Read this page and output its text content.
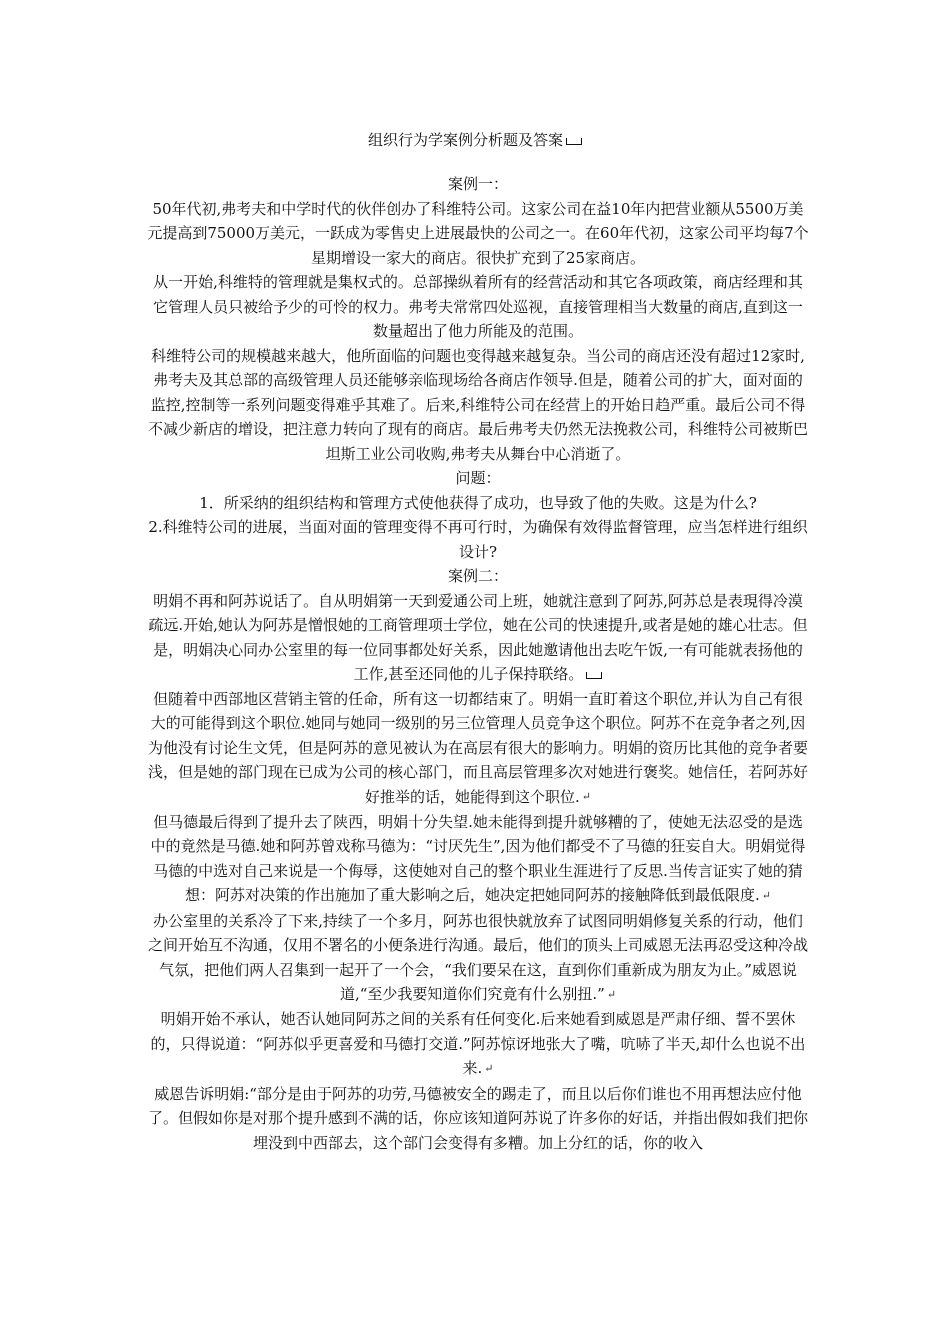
组织行为学案例分析题及答案

案例一：

50年代初,弗考夫和中学时代的伙伴创办了科维特公司。这家公司在益10年内把营业额从5500万美元提高到75000万美元，一跃成为零售史上进展最快的公司之一。在60年代初，这家公司平均每7个星期增设一家大的商店。很快扩充到了25家商店。

从一开始,科维特的管理就是集权式的。总部操纵着所有的经营活动和其它各项政策，商店经理和其它管理人员只被给予少的可怜的权力。弗考夫常常四处巡视，直接管理相当大数量的商店,直到这一数量超出了他力所能及的范围。

科维特公司的规模越来越大，他所面临的问题也变得越来越复杂。当公司的商店还没有超过12家时,弗考夫及其总部的高级管理人员还能够亲临现场给各商店作领导.但是，随着公司的扩大，面对面的监控,控制等一系列问题变得难乎其难了。后来,科维特公司在经营上的开始日趋严重。最后公司不得不减少新店的增设，把注意力转向了现有的商店。最后弗考夫仍然无法挽救公司，科维特公司被斯巴坦斯工业公司收购,弗考夫从舞台中心消逝了。

问题：

1．所采纳的组织结构和管理方式使他获得了成功，也导致了他的失败。这是为什么?

2.科维特公司的进展，当面对面的管理变得不再可行时，为确保有效得监督管理，应当怎样进行组织设计?

案例二：

明娟不再和阿苏说话了。自从明娟第一天到爱通公司上班，她就注意到了阿苏,阿苏总是表現得冷漠疏远.开始,她认为阿苏是憎恨她的工商管理项士学位，她在公司的快速提升,或者是她的雄心壮志。但是，明娟决心同办公室里的每一位同事都处好关系，因此她邀请他出去吃午饭,一有可能就表扬他的工作,甚至还同他的儿子保持联络。

但随着中西部地区营销主管的任命，所有这一切都结束了。明娟一直盯着这个职位,并认为自己有很大的可能得到这个职位.她同与她同一级别的另三位管理人员竞争这个职位。阿苏不在竞争者之列,因为他没有讨论生文凭，但是阿苏的意见被认为在高层有很大的影响力。明娟的资历比其他的竞争者要浅，但是她的部门现在已成为公司的核心部门，而且高层管理多次对她进行褒奖。她信任，若阿苏好好推举的话，她能得到这个职位. ↵

但马德最后得到了提升去了陕西，明娟十分失望.她未能得到提升就够糟的了，使她无法忍受的是选中的竟然是马德.她和阿苏曾戏称马德为：“讨厌先生”,因为他们都受不了马德的狂妄自大。明娟觉得马德的中选对自己来说是一个侮辱，这使她对自己的整个职业生涯进行了反思.当传言证实了她的猜想：阿苏对决策的作出施加了重大影响之后，她决定把她同阿苏的接触降低到最低限度. ↵

办公室里的关系冷了下来,持续了一个多月，阿苏也很快就放弃了试图同明娟修复关系的行动，他们之间开始互不沟通，仅用不署名的小便条进行沟通。最后，他们的顶头上司威恩无法再忍受这种冷战气氛，把他们两人召集到一起开了一个会，“我们要呆在这，直到你们重新成为朋友为止。”威恩说道,“至少我要知道你们究竟有什么别扭.” ↵

明娟开始不承认，她否认她同阿苏之间的关系有任何变化.后来她看到威恩是严肃仔细、誓不罢休的，只得说道：“阿苏似乎更喜爱和马德打交道.”阿苏惊讶地张大了嘴，吭哧了半天,却什么也说不出来. ↵

威恩告诉明娟:“部分是由于阿苏的功劳,马德被安全的踢走了，而且以后你们谁也不用再想法应付他了。但假如你是对那个提升感到不满的话，你应该知道阿苏说了许多你的好话，并指出假如我们把你埋没到中西部去，这个部门会变得有多糟。加上分红的话，你的收入
